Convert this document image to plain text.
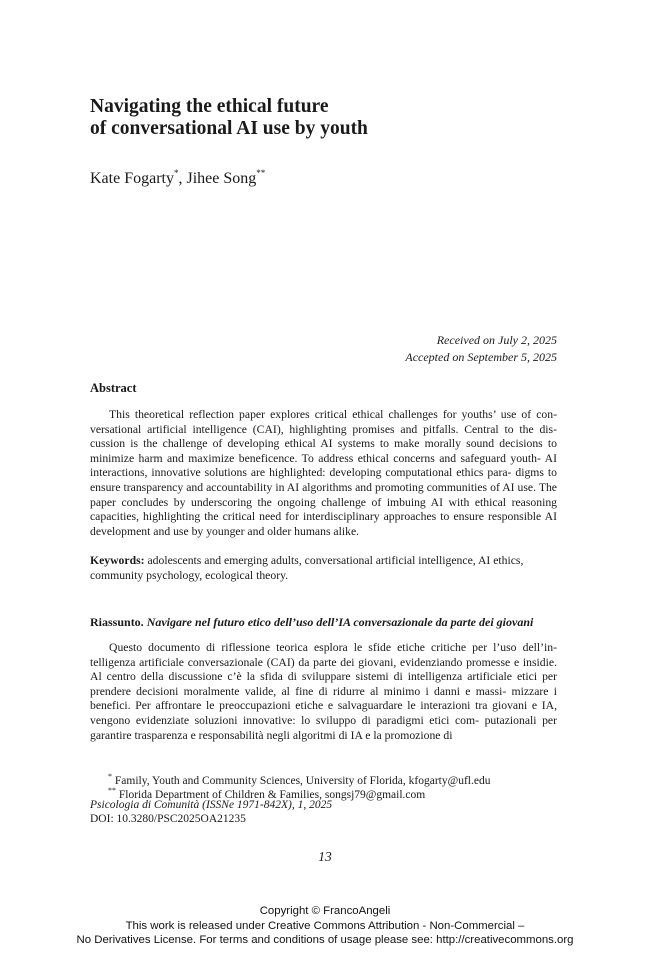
Navigating the ethical future
of conversational AI use by youth
Kate Fogarty*, Jihee Song**
Received on July 2, 2025
Accepted on September 5, 2025
Abstract
This theoretical reflection paper explores critical ethical challenges for youths’ use of con- versational artificial intelligence (CAI), highlighting promises and pitfalls. Central to the dis- cussion is the challenge of developing ethical AI systems to make morally sound decisions to minimize harm and maximize beneficence. To address ethical concerns and safeguard youth- AI interactions, innovative solutions are highlighted: developing computational ethics para- digms to ensure transparency and accountability in AI algorithms and promoting communities of AI use. The paper concludes by underscoring the ongoing challenge of imbuing AI with ethical reasoning capacities, highlighting the critical need for interdisciplinary approaches to ensure responsible AI development and use by younger and older humans alike.
Keywords: adolescents and emerging adults, conversational artificial intelligence, AI ethics,
community psychology, ecological theory.
Riassunto. Navigare nel futuro etico dell’uso dell’IA conversazionale da parte dei giovani
Questo documento di riflessione teorica esplora le sfide etiche critiche per l’uso dell’in- telligenza artificiale conversazionale (CAI) da parte dei giovani, evidenziando promesse e insidie. Al centro della discussione c’è la sfida di sviluppare sistemi di intelligenza artificiale etici per prendere decisioni moralmente valide, al fine di ridurre al minimo i danni e massi- mizzare i benefici. Per affrontare le preoccupazioni etiche e salvaguardare le interazioni tra giovani e IA, vengono evidenziate soluzioni innovative: lo sviluppo di paradigmi etici com- putazionali per garantire trasparenza e responsabilità negli algoritmi di IA e la promozione di
* Family, Youth and Community Sciences, University of Florida, kfogarty@ufl.edu
** Florida Department of Children & Families, songsj79@gmail.com
Psicologia di Comunità (ISSNe 1971-842X), 1, 2025
DOI: 10.3280/PSC2025OA21235
13
Copyright © FrancoAngeli
This work is released under Creative Commons Attribution - Non-Commercial –
No Derivatives License. For terms and conditions of usage please see: http://creativecommons.org
